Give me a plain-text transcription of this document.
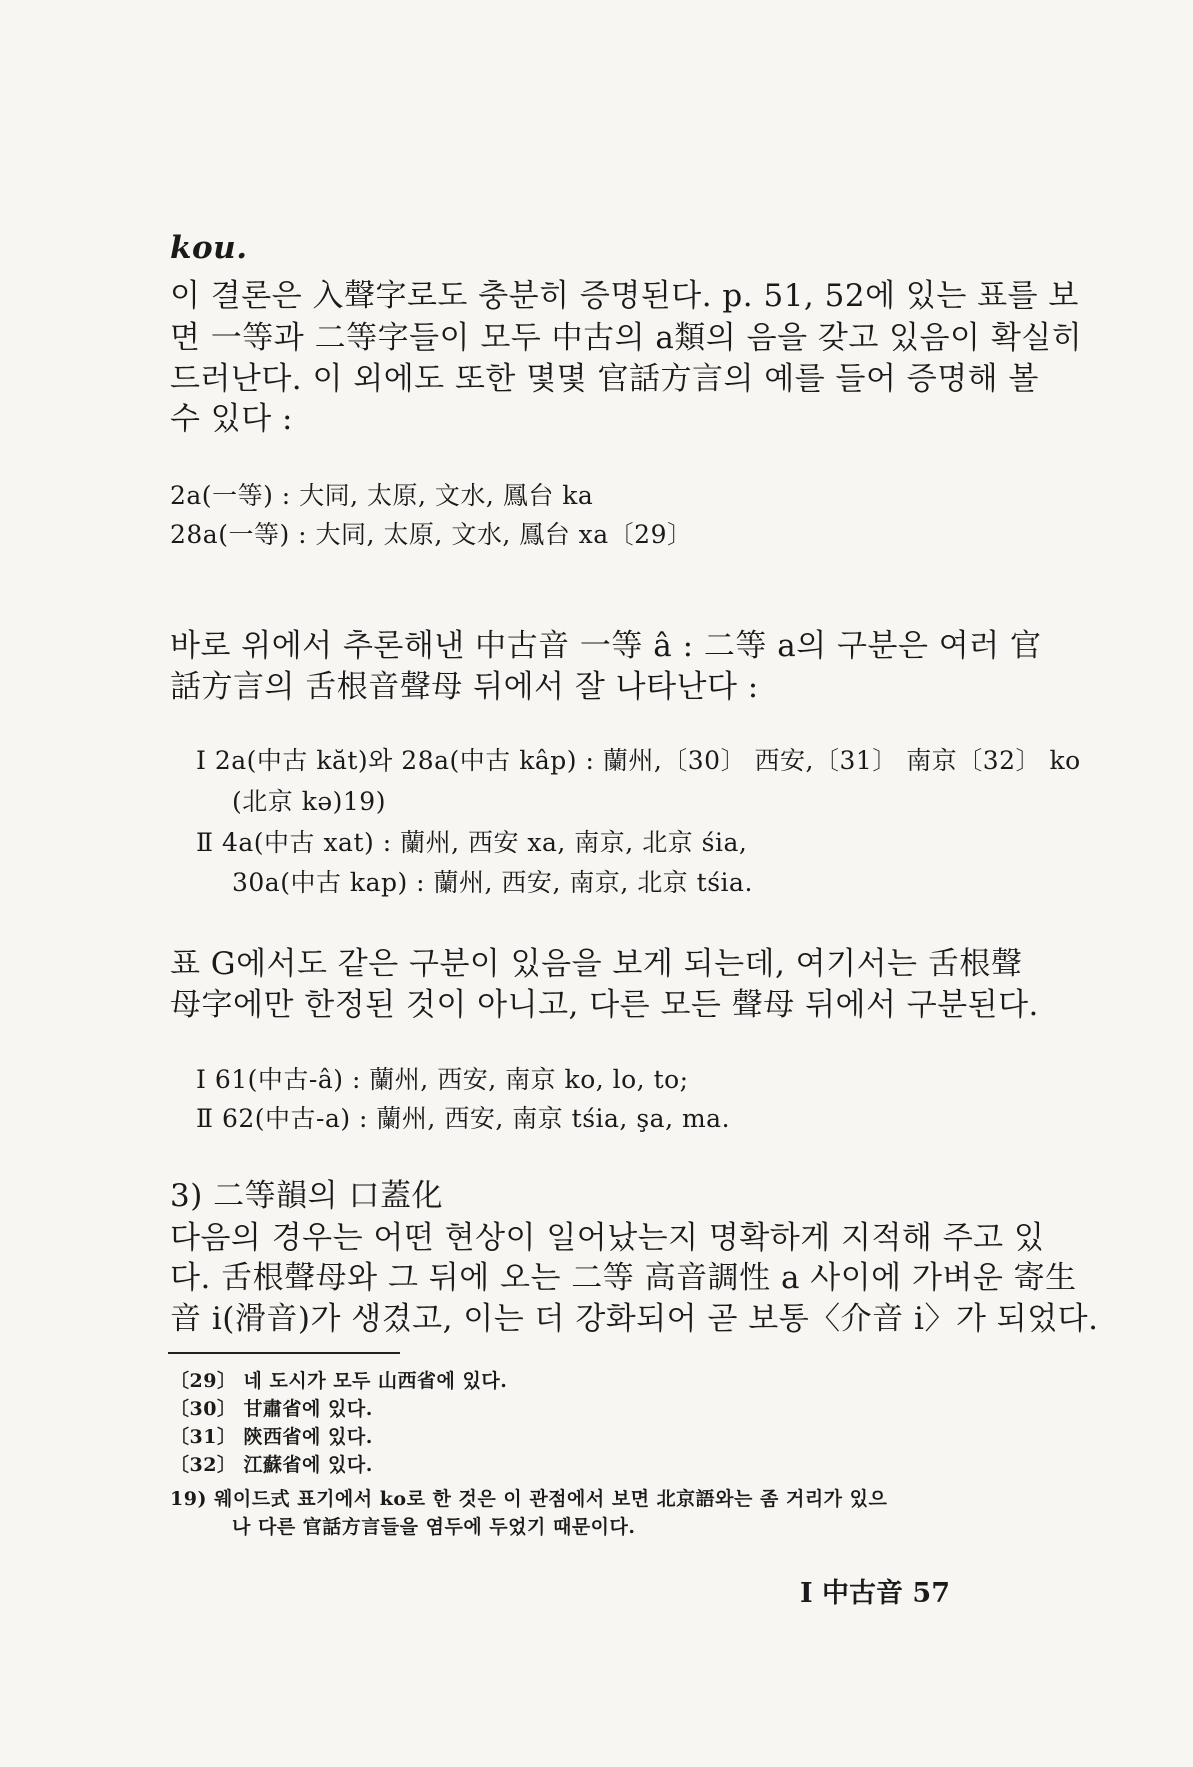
kou.
이 결론은 入聲字로도 충분히 증명된다. p. 51, 52에 있는 표를 보
면 一等과 二等字들이 모두 中古의 a類의 음을 갖고 있음이 확실히
드러난다. 이 외에도 또한 몇몇 官話方言의 예를 들어 증명해 볼
수 있다 :
2a(一等) : 大同, 太原, 文水, 鳳台 ka
28a(一等) : 大同, 太原, 文水, 鳳台 xa〔29〕
바로 위에서 추론해낸 中古音 一等 â : 二等 a의 구분은 여러 官
話方言의 舌根音聲母 뒤에서 잘 나타난다 :
Ⅰ 2a(中古 kăt)와 28a(中古 kâp) : 蘭州,〔30〕 西安,〔31〕 南京〔32〕 ko
(北京 kə)19)
Ⅱ 4a(中古 xat) : 蘭州, 西安 xa, 南京, 北京 śia,
30a(中古 kap) : 蘭州, 西安, 南京, 北京 tśia.
표 G에서도 같은 구분이 있음을 보게 되는데, 여기서는 舌根聲
母字에만 한정된 것이 아니고, 다른 모든 聲母 뒤에서 구분된다.
Ⅰ 61(中古-â) : 蘭州, 西安, 南京 ko, lo, to;
Ⅱ 62(中古-a) : 蘭州, 西安, 南京 tśia, şa, ma.
3) 二等韻의 口蓋化
다음의 경우는 어떤 현상이 일어났는지 명확하게 지적해 주고 있
다. 舌根聲母와 그 뒤에 오는 二等 高音調性 a 사이에 가벼운 寄生
音 i(滑音)가 생겼고, 이는 더 강화되어 곧 보통〈介音 i〉가 되었다.
〔29〕 네 도시가 모두 山西省에 있다.
〔30〕 甘肅省에 있다.
〔31〕 陝西省에 있다.
〔32〕 江蘇省에 있다.
19) 웨이드式 표기에서 ko로 한 것은 이 관점에서 보면 北京語와는 좀 거리가 있으
나 다른 官話方言들을 염두에 두었기 때문이다.
Ⅰ 中古音 57
